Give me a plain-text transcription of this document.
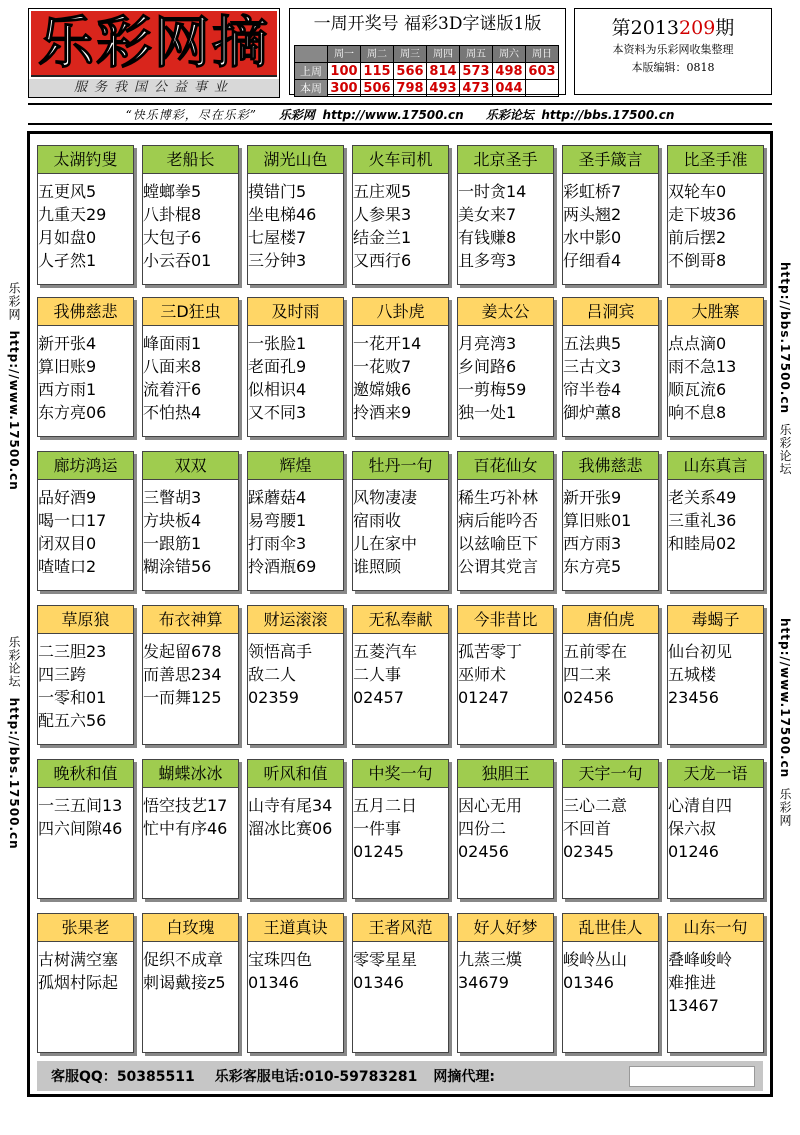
乐彩网摘
服务我国公益事业
一周开奖号 福彩3D字谜版1版
	周一	周二	周三	周四	周五	周六	周日
上周	100	115	566	814	573	498	603
本周	300	506	798	493	473	044	
第2013209期
本资料为乐彩网收集整理
本版编辑：0818
“快乐博彩，尽在乐彩” 乐彩网 http://www.17500.cn 乐彩论坛 http://bbs.17500.cn
乐彩网  http://www.17500.cn
乐彩论坛  http://bbs.17500.cn
http://bbs.17500.cn  乐彩论坛
http://www.17500.cn  乐彩网
太湖钓叟
五更风5
九重天29
月如盘0
人孑然1
老船长
螳螂拳5
八卦棍8
大包子6
小云吞01
湖光山色
摸错门5
坐电梯46
七屋楼7
三分钟3
火车司机
五庄观5
人参果3
结金兰1
又西行6
北京圣手
一时贪14
美女来7
有钱赚8
且多弯3
圣手箴言
彩虹桥7
两头翘2
水中影0
仔细看4
比圣手准
双轮车0
走下坡36
前后摆2
不倒哥8
我佛慈悲
新开张4
算旧账9
西方雨1
东方亮06
三D狂虫
峰面雨1
八面来8
流着汗6
不怕热4
及时雨
一张脸1
老面孔9
似相识4
又不同3
八卦虎
一花开14
一花败7
邀嫦娥6
拎酒来9
姜太公
月亮湾3
乡间路6
一剪梅59
独一处1
吕洞宾
五法典5
三古文3
帘半卷4
御炉薰8
大胜寨
点点滴0
雨不急13
顺瓦流6
响不息8
廊坊鸿运
品好酒9
喝一口17
闭双目0
喳喳口2
双双
三瞥胡3
方块板4
一跟筋1
糊涂错56
辉煌
踩蘑菇4
易弯腰1
打雨伞3
拎酒瓶69
牡丹一句
风物凄凄
宿雨收
儿在家中
谁照顾
百花仙女
稀生巧补林
病后能吟否
以兹喻臣下
公谓其党言
我佛慈悲
新开张9
算旧账01
西方雨3
东方亮5
山东真言
老关系49
三重礼36
和睦局02
草原狼
二三胆23
四三跨
一零和01
配五六56
布衣神算
发起留678
而善思234
一而舞125
财运滚滚
领悟高手
敌二人
02359
无私奉献
五菱汽车
二人事
02457
今非昔比
孤苦零丁
巫师术
01247
唐伯虎
五前零在
四二来
02456
毒蝎子
仙台初见
五城楼
23456
晚秋和值
一三五间13
四六间隙46
蝴蝶冰冰
悟空技艺17
忙中有序46
听风和值
山寺有尾34
溜冰比赛06
中奖一句
五月二日
一件事
01245
独胆王
因心无用
四份二
02456
天宇一句
三心二意
不回首
02345
天龙一语
心清自四
保六叔
01246
张果老
古树满空塞
孤烟村际起
白玫瑰
促织不成章
刺谒戴接z5
王道真诀
宝珠四色
01346
王者风范
零零星星
01346
好人好梦
九蒸三熯
34679
乱世佳人
峻岭丛山
01346
山东一句
叠峰峻岭
难推进
13467
客服QQ：50385511 乐彩客服电话:010-59783281 网摘代理:
